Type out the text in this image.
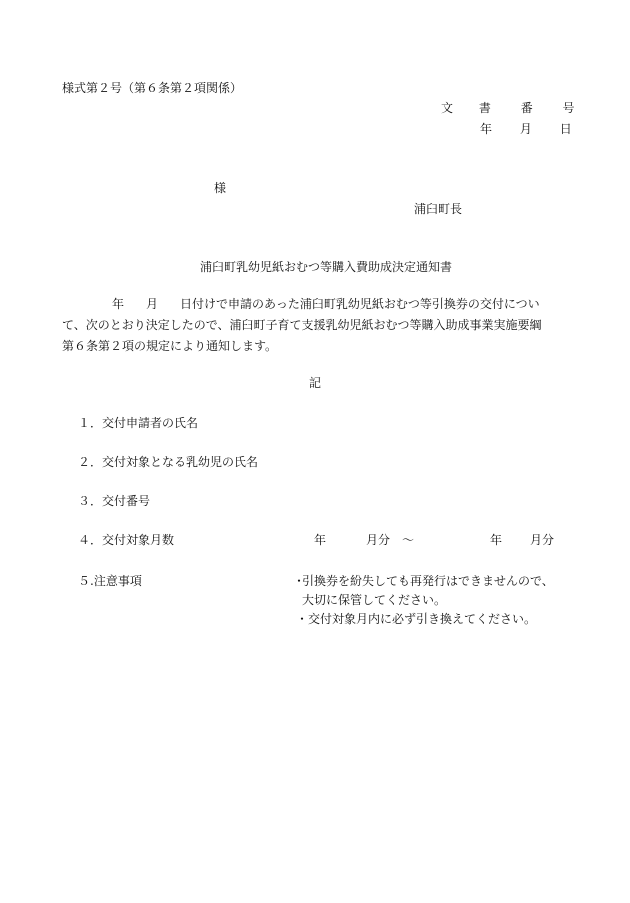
様式第２号（第６条第２項関係）
文 書 番 号
年 月 日
様
浦臼町長
浦臼町乳幼児紙おむつ等購入費助成決定通知書
年 月 日付けで申請のあった浦臼町乳幼児紙おむつ等引換券の交付につい
て、次のとおり決定したので、浦臼町子育て支援乳幼児紙おむつ等購入助成事業実施要綱
第６条第２項の規定により通知します。
記
１．交付申請者の氏名
２．交付対象となる乳幼児の氏名
３．交付番号
４．交付対象月数	年	月分 ～	年 月分
５.注意事項	･引換券を紛失しても再発行はできませんので、
大切に保管してください。
・交付対象月内に必ず引き換えてください。
